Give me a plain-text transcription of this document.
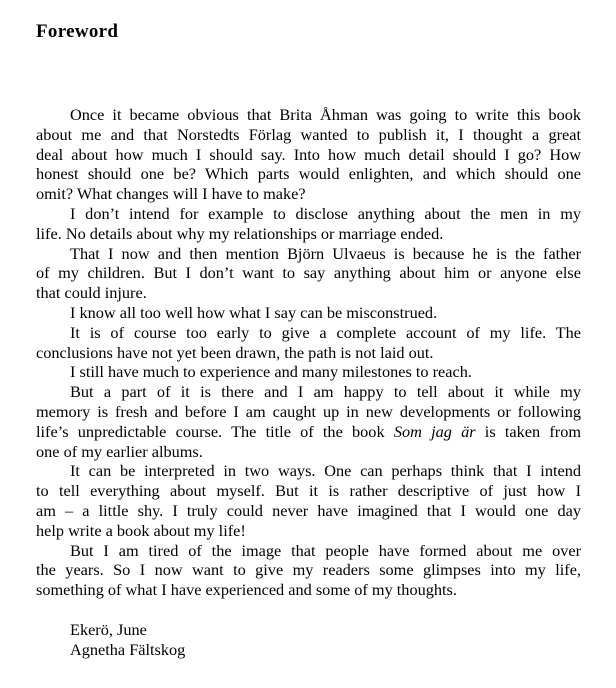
Foreword
Once it became obvious that Brita Åhman was going to write this book
about me and that Norstedts Förlag wanted to publish it, I thought a great
deal about how much I should say. Into how much detail should I go? How
honest should one be? Which parts would enlighten, and which should one
omit? What changes will I have to make?
I don’t intend for example to disclose anything about the men in my
life. No details about why my relationships or marriage ended.
That I now and then mention Björn Ulvaeus is because he is the father
of my children. But I don’t want to say anything about him or anyone else
that could injure.
I know all too well how what I say can be misconstrued.
It is of course too early to give a complete account of my life. The
conclusions have not yet been drawn, the path is not laid out.
I still have much to experience and many milestones to reach.
But a part of it is there and I am happy to tell about it while my
memory is fresh and before I am caught up in new developments or following
life’s unpredictable course. The title of the book Som jag är is taken from
one of my earlier albums.
It can be interpreted in two ways. One can perhaps think that I intend
to tell everything about myself. But it is rather descriptive of just how I
am – a little shy. I truly could never have imagined that I would one day
help write a book about my life!
But I am tired of the image that people have formed about me over
the years. So I now want to give my readers some glimpses into my life,
something of what I have experienced and some of my thoughts.
Ekerö, June
Agnetha Fältskog
